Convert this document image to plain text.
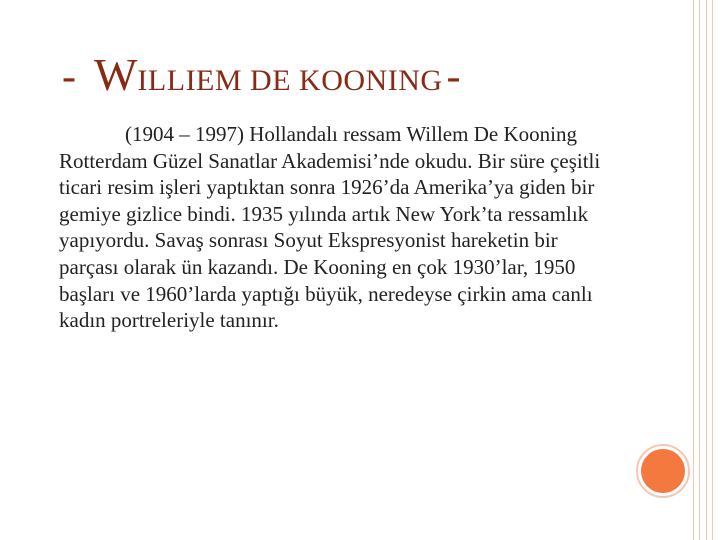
- WILLIEM DE KOONING-
(1904 – 1997) Hollandalı ressam Willem De Kooning
Rotterdam Güzel Sanatlar Akademisi’nde okudu. Bir süre çeşitli
ticari resim işleri yaptıktan sonra 1926’da Amerika’ya giden bir
gemiye gizlice bindi. 1935 yılında artık New York’ta ressamlık
yapıyordu. Savaş sonrası Soyut Ekspresyonist hareketin bir
parçası olarak ün kazandı. De Kooning en çok 1930’lar, 1950
başları ve 1960’larda yaptığı büyük, neredeyse çirkin ama canlı
kadın portreleriyle tanınır.
